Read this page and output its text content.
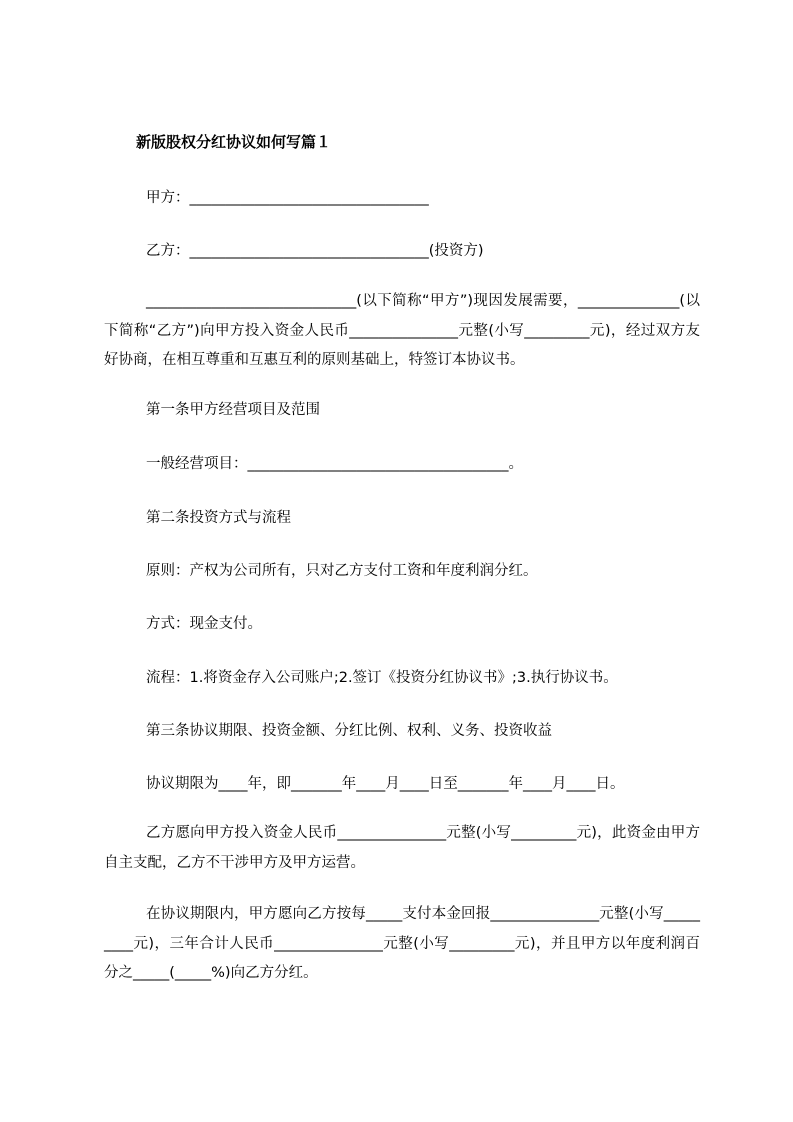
新版股权分红协议如何写篇１
甲方：_________________________________
乙方：_________________________________(投资方)
_____________________________(以下简称“甲方”)现因发展需要，______________(以下简称“乙方”)向甲方投入资金人民币_______________元整(小写_________元)，经过双方友好协商，在相互尊重和互惠互利的原则基础上，特签订本协议书。
第一条甲方经营项目及范围
一般经营项目：____________________________________。
第二条投资方式与流程
原则：产权为公司所有，只对乙方支付工资和年度利润分红。
方式：现金支付。
流程：1.将资金存入公司账户;2.签订《投资分红协议书》;3.执行协议书。
第三条协议期限、投资金额、分红比例、权利、义务、投资收益
协议期限为____年，即_______年____月____日至_______年____月____日。
乙方愿向甲方投入资金人民币_______________元整(小写_________元)，此资金由甲方自主支配，乙方不干涉甲方及甲方运营。
在协议期限内，甲方愿向乙方按每_____支付本金回报_______________元整(小写_________元)，三年合计人民币_______________元整(小写_________元)，并且甲方以年度利润百分之_____(_____%)向乙方分红。
